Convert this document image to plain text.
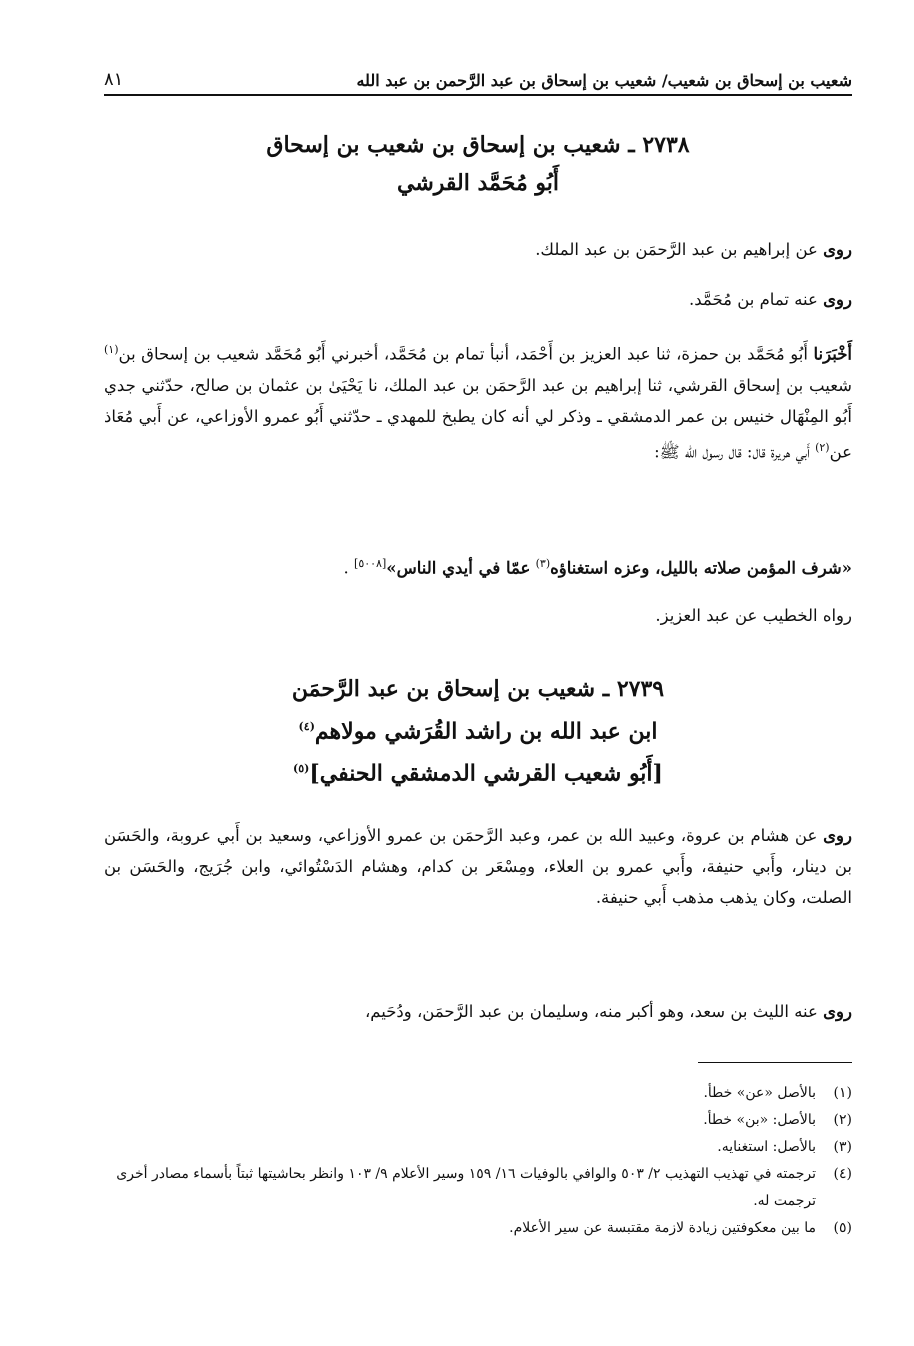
٨١	شعيب بن إسحاق بن شعيب/ شعيب بن إسحاق بن عبد الرَّحمن بن عبد الله
٢٧٣٨ ـ شعيب بن إسحاق بن شعيب بن إسحاق
أَبُو مُحَمَّد القرشي
روى عن إبراهيم بن عبد الرَّحمَن بن عبد الملك.
روى عنه تمام بن مُحَمَّد.
أَخْبَرَنا أَبُو مُحَمَّد بن حمزة، ثنا عبد العزيز بن أَحْمَد، أنبأ تمام بن مُحَمَّد، أخبرني أَبُو مُحَمَّد شعيب بن إسحاق بن$^{(١)}$ شعيب بن إسحاق القرشي، ثنا إبراهيم بن عبد الرَّحمَن بن عبد الملك، نا يَحْيَىٰ بن عثمان بن صالح، حدّثني جدي أَبُو المِنْهَال خنيس بن عمر الدمشقي ـ وذكر لي أنه كان يطبخ للمهدي ـ حدّثني أَبُو عمرو الأوزاعي، عن أَبي مُعَاذ عن$^{(٢)}$ أَبي هريرة قال: قال رسول الله ﷺ:
«شرف المؤمن صلاته بالليل، وعزه استغناؤه$^{(٣)}$ عمّا في أيدي الناس»[٥٠٠٨] .
رواه الخطيب عن عبد العزيز.
٢٧٣٩ ـ شعيب بن إسحاق بن عبد الرَّحمَن
ابن عبد الله بن راشد القُرَشي مولاهم$^{(٤)}$
[أَبُو شعيب القرشي الدمشقي الحنفي]$^{(٥)}$
روى عن هشام بن عروة، وعبيد الله بن عمر، وعبد الرَّحمَن بن عمرو الأوزاعي، وسعيد بن أَبي عروبة، والحَسَن بن دينار، وأَبي حنيفة، وأَبي عمرو بن العلاء، ومِسْعَر بن كدام، وهشام الدَسْتُوائي، وابن جُرَيج، والحَسَن بن الصلت، وكان يذهب مذهب أَبي حنيفة.
روى عنه الليث بن سعد، وهو أكبر منه، وسليمان بن عبد الرَّحمَن، ودُحَيم،
(١)
بالأصل «عن» خطأ.
(٢)
بالأصل: «بن» خطأ.
(٣)
بالأصل: استغنايه.
(٤)
ترجمته في تهذيب التهذيب ٢/ ٥٠٣ والوافي بالوفيات ١٦/ ١٥٩ وسير الأعلام ٩/ ١٠٣ وانظر بحاشيتها ثبتاً بأسماء مصادر أخرى ترجمت له.
(٥)
ما بين معكوفتين زيادة لازمة مقتبسة عن سير الأعلام.
